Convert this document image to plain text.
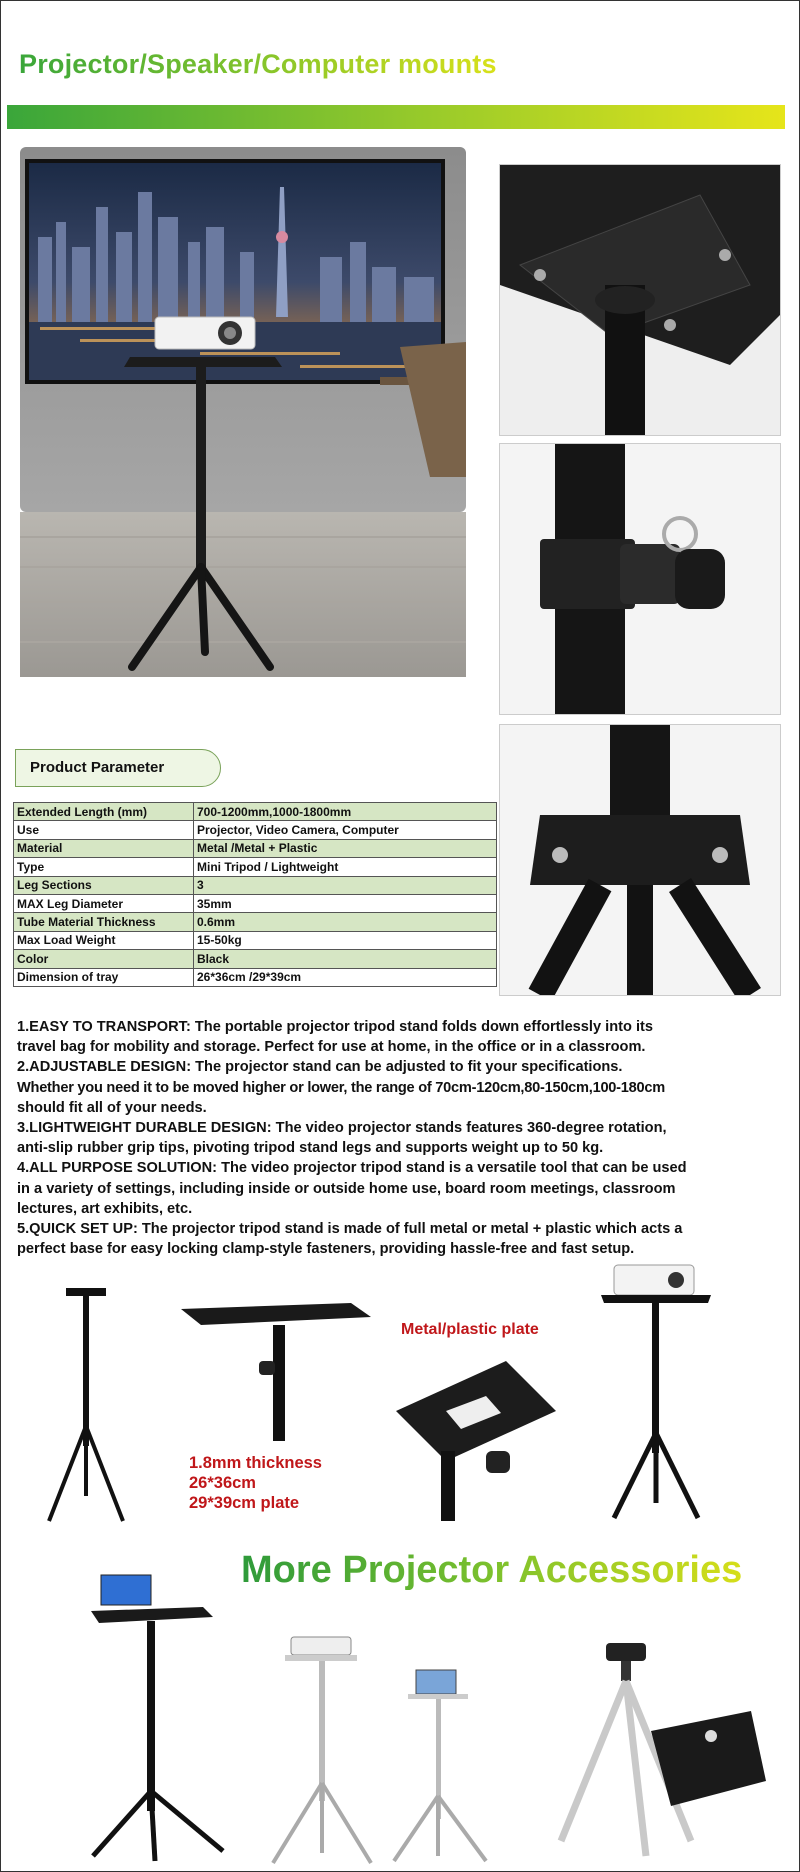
Projector/Speaker/Computer mounts
Product Parameter
Extended Length (mm)	700-1200mm,1000-1800mm
Use	Projector, Video Camera, Computer
Material	Metal /Metal + Plastic
Type	Mini Tripod / Lightweight
Leg Sections	3
MAX Leg Diameter	35mm
Tube Material Thickness	0.6mm
Max Load Weight	15-50kg
Color	Black
Dimension of tray	26*36cm /29*39cm

1.EASY TO TRANSPORT: The portable projector tripod stand folds down effortlessly into its

travel bag for mobility and storage. Perfect for use at home, in the office or in a classroom.

2.ADJUSTABLE DESIGN: The projector stand can be adjusted to fit your specifications.

Whether you need it to be moved higher or lower, the range of 70cm-120cm,80-150cm,100-180cm

should fit all of your needs.

3.LIGHTWEIGHT DURABLE DESIGN: The video projector stands features 360-degree rotation,

anti-slip rubber grip tips, pivoting tripod stand legs and supports weight up to 50 kg.

4.ALL PURPOSE SOLUTION: The video projector tripod stand is a versatile tool that can be used

in a variety of settings, including inside or outside home use, board room meetings, classroom

lectures, art exhibits, etc.

5.QUICK SET UP: The projector tripod stand is made of full metal or metal + plastic which acts a

perfect base for easy locking clamp-style fasteners, providing hassle-free and fast setup.

Metal/plastic plate
1.8mm thickness
26*36cm
29*39cm plate
More Projector Accessories
